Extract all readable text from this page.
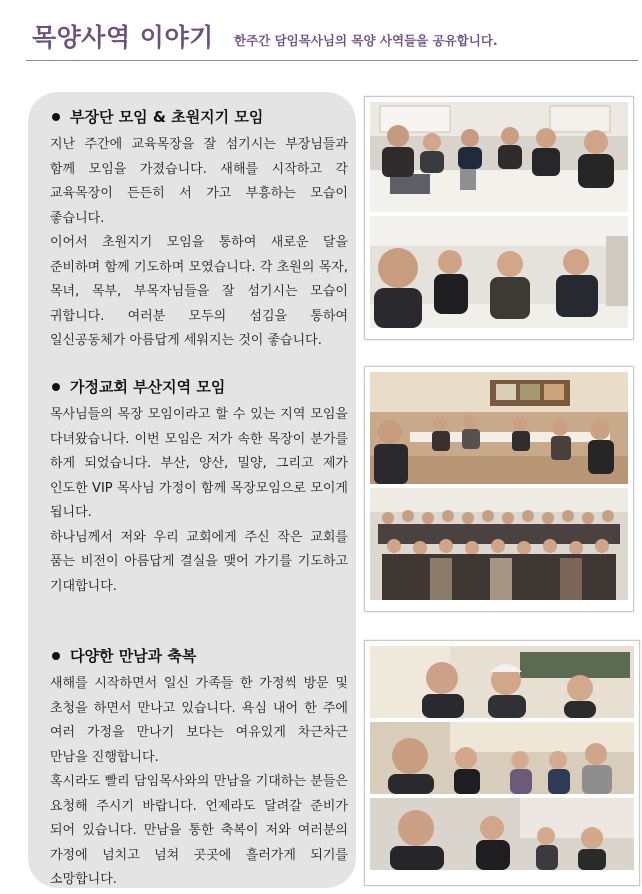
목양사역 이야기 한주간 담임목사님의 목양 사역들을 공유합니다.
부장단 모임 & 초원지기 모임

지난 주간에 교육목장을 잘 섬기시는 부장님들과 함께 모임을 가졌습니다. 새해를 시작하고 각 교육목장이 든든히 서 가고 부흥하는 모습이 좋습니다.

이어서 초원지기 모임을 통하여 새로운 달을 준비하며 함께 기도하며 모였습니다. 각 초원의 목자, 목녀, 목부, 부목자님들을 잘 섬기시는 모습이 귀합니다. 여러분 모두의 섬김을 통하여 일신공동체가 아름답게 세워지는 것이 좋습니다.

가정교회 부산지역 모임

목사님들의 목장 모임이라고 할 수 있는 지역 모임을 다녀왔습니다. 이번 모임은 저가 속한 목장이 분가를 하게 되었습니다. 부산, 양산, 밀양, 그리고 제가 인도한 VIP 목사님 가정이 함께 목장모임으로 모이게 됩니다.

하나님께서 저와 우리 교회에게 주신 작은 교회를 품는 비전이 아름답게 결실을 맺어 가기를 기도하고 기대합니다.

다양한 만남과 축복

새해를 시작하면서 일신 가족들 한 가정씩 방문 및 초청을 하면서 만나고 있습니다. 욕심 내어 한 주에 여러 가정을 만나기 보다는 여유있게 차근차근 만남을 진행합니다.

혹시라도 빨리 담임목사와의 만남을 기대하는 분들은 요청해 주시기 바랍니다. 언제라도 달려갈 준비가 되어 있습니다. 만남을 통한 축복이 저와 여러분의 가정에 넘치고 넘쳐 곳곳에 흘러가게 되기를 소망합니다.
